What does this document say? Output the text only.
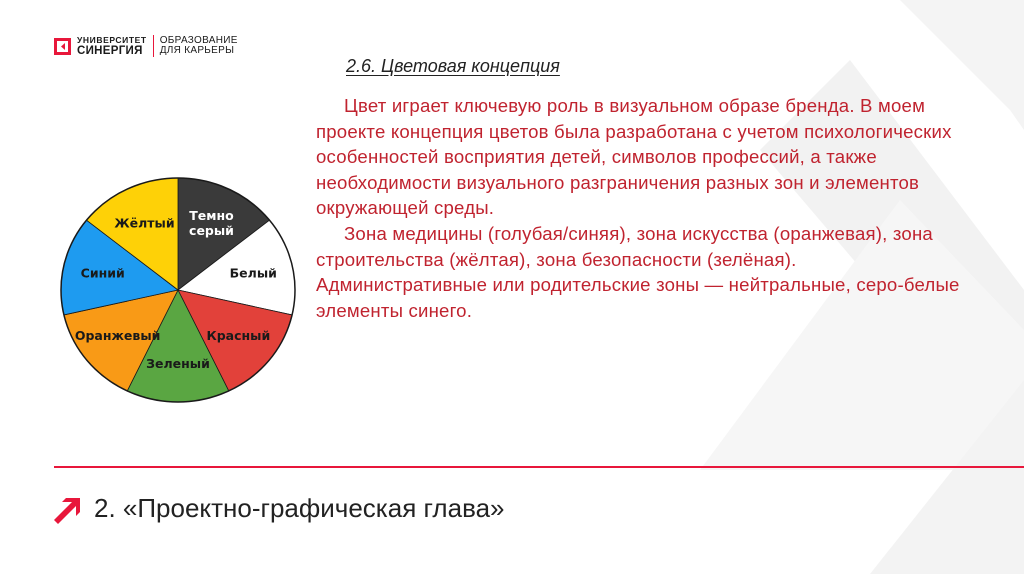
УНИВЕРСИТЕТ
СИНЕРГИЯ
ОБРАЗОВАНИЕ
ДЛЯ КАРЬЕРЫ
2.6. Цветовая концепция

Цвет играет ключевую роль в визуальном образе бренда. В моем проекте концепция цветов была разработана с учетом психологических особенностей восприятия детей, символов профессий, а также необходимости визуального разграничения разных зон и элементов окружающей среды.

Зона медицины (голубая/синяя), зона искусства (оранжевая), зона строительства (жёлтая), зона безопасности (зелёная).          Административные или родительские зоны — нейтральные, серо-белые элементы синего.

Темно серый
Белый
Красный
Зеленый
Оранжевый
Синий
Жёлтый
2. «Проектно-графическая глава»
